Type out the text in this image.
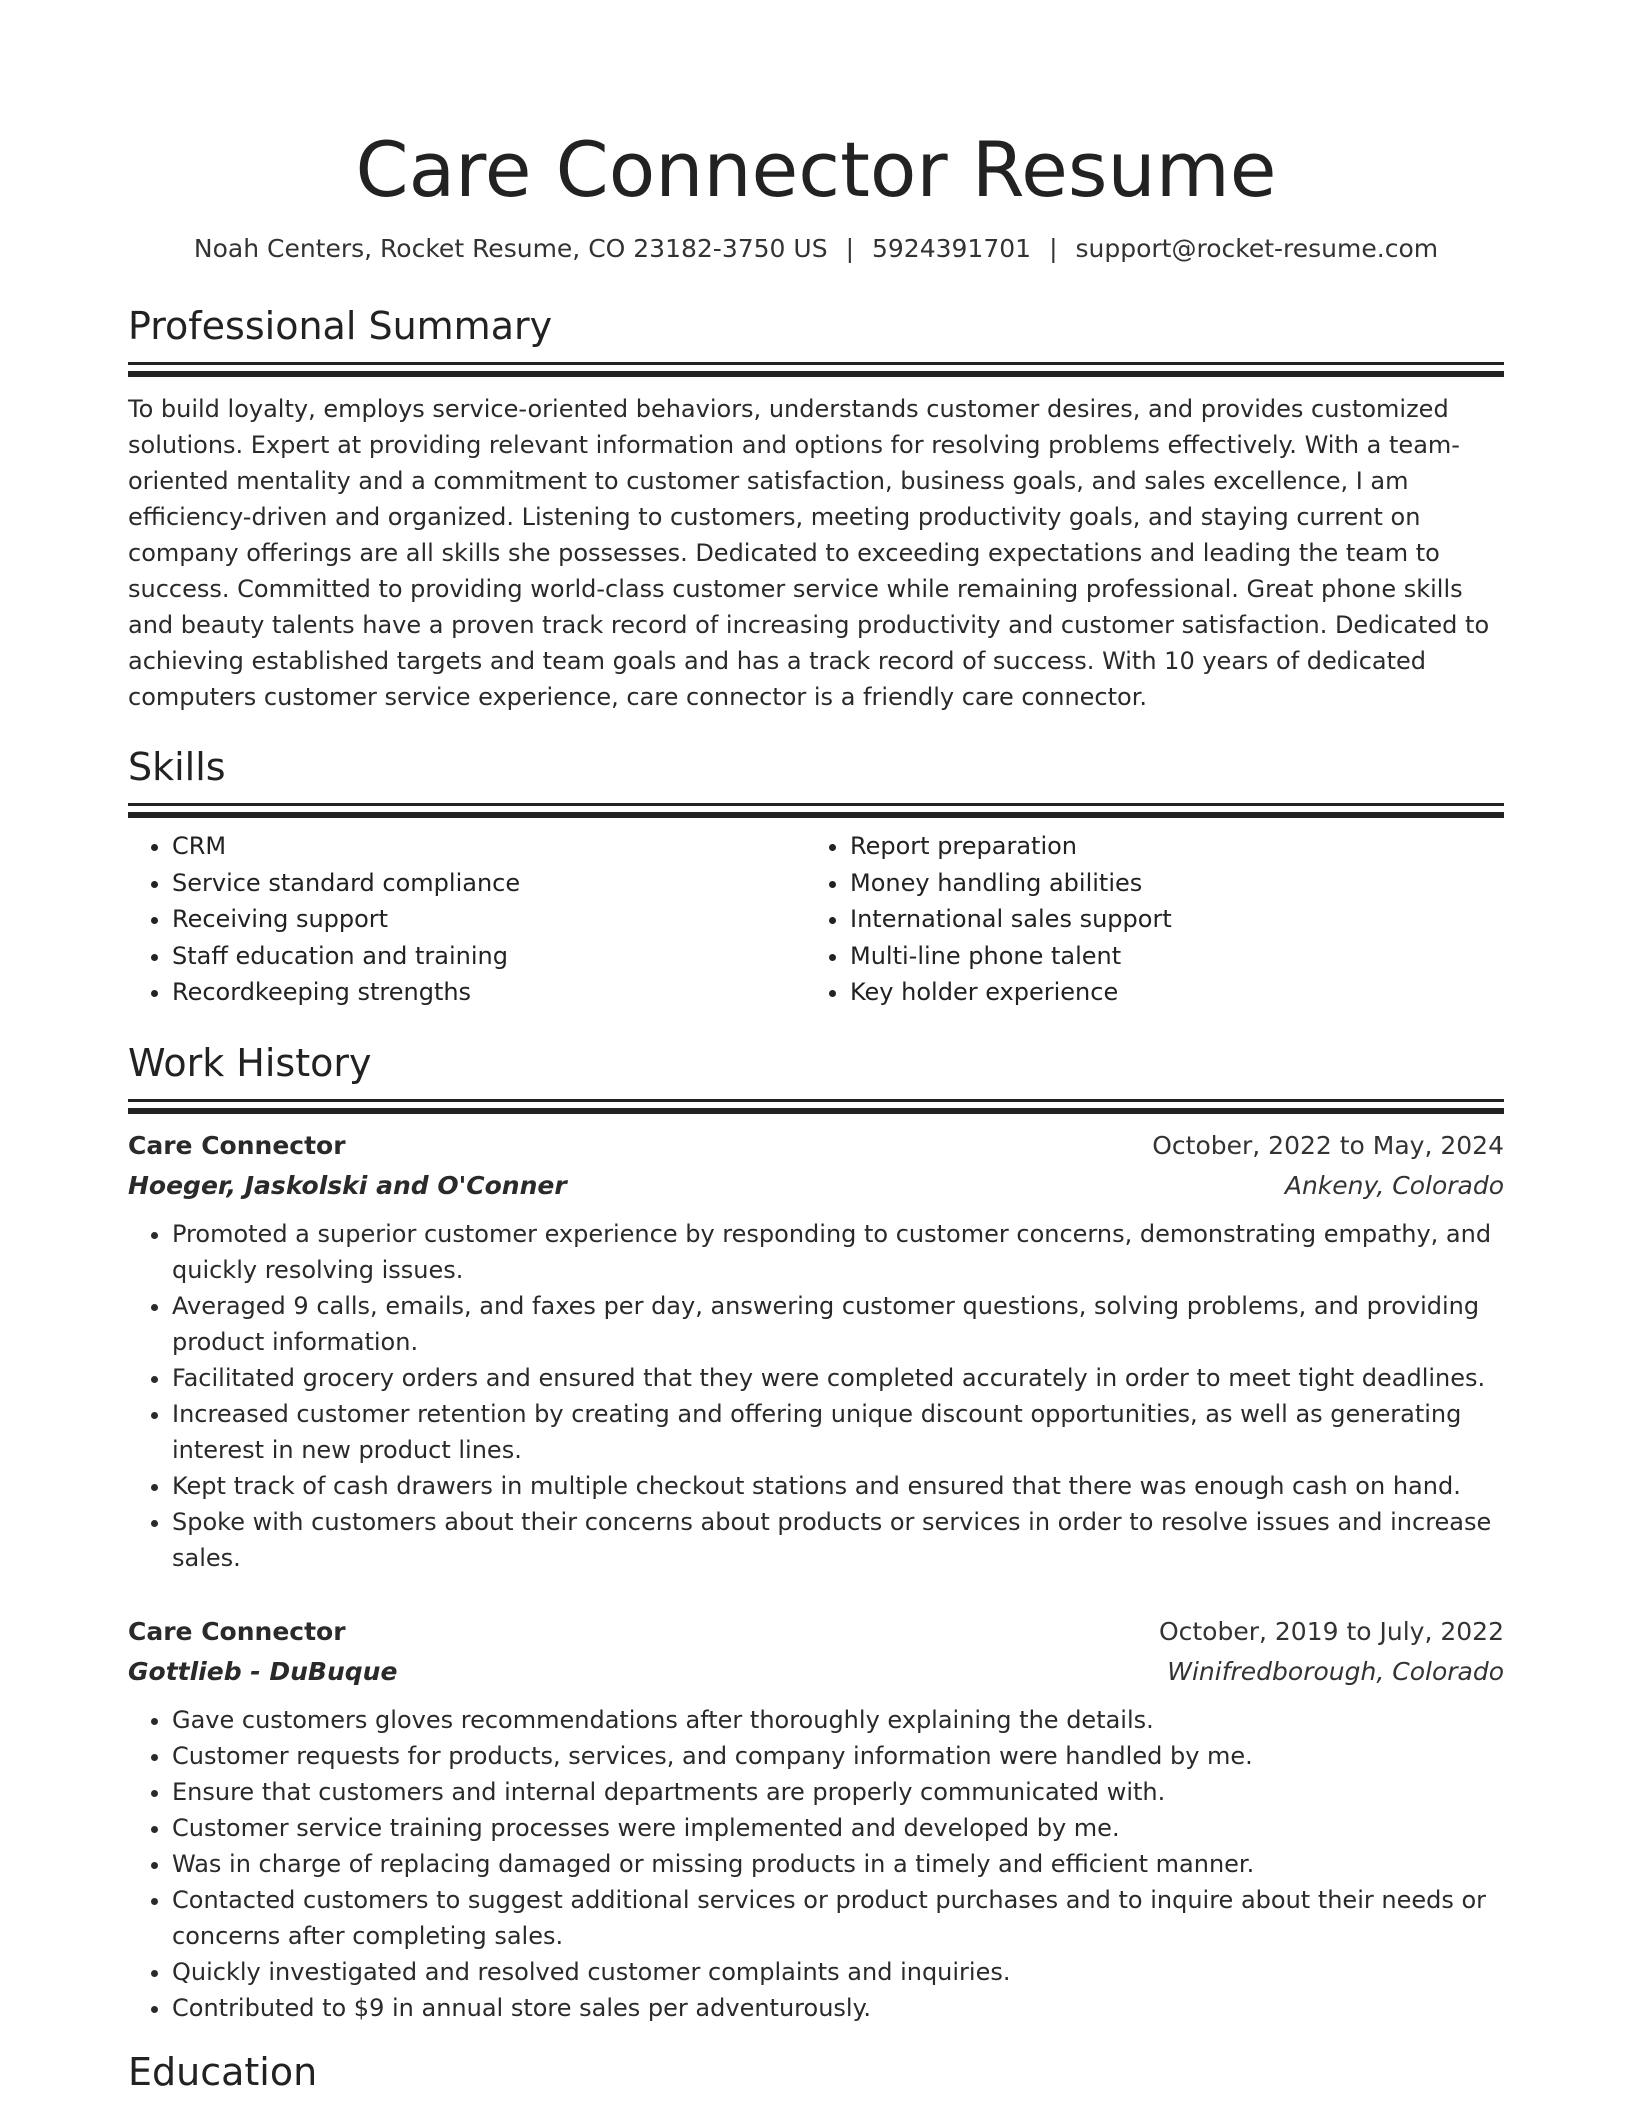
Care Connector Resume
Noah Centers, Rocket Resume, CO 23182-3750 US | 5924391701 | support@rocket-resume.com
Professional Summary

To build loyalty, employs service-oriented behaviors, understands customer desires, and provides customized solutions. Expert at providing relevant information and options for resolving problems effectively. With a team-oriented mentality and a commitment to customer satisfaction, business goals, and sales excellence, I am efficiency-driven and organized. Listening to customers, meeting productivity goals, and staying current on company offerings are all skills she possesses. Dedicated to exceeding expectations and leading the team to success. Committed to providing world-class customer service while remaining professional. Great phone skills and beauty talents have a proven track record of increasing productivity and customer satisfaction. Dedicated to achieving established targets and team goals and has a track record of success. With 10 years of dedicated computers customer service experience, care connector is a friendly care connector.

Skills
• CRM
• Service standard compliance
• Receiving support
• Staff education and training
• Recordkeeping strengths
• Report preparation
• Money handling abilities
• International sales support
• Multi-line phone talent
• Key holder experience
Work History
Care Connector	October, 2022 to May, 2024
Hoeger, Jaskolski and O'Conner	Ankeny, Colorado
• Promoted a superior customer experience by responding to customer concerns, demonstrating empathy, and quickly resolving issues.
• Averaged 9 calls, emails, and faxes per day, answering customer questions, solving problems, and providing product information.
• Facilitated grocery orders and ensured that they were completed accurately in order to meet tight deadlines.
• Increased customer retention by creating and offering unique discount opportunities, as well as generating interest in new product lines.
• Kept track of cash drawers in multiple checkout stations and ensured that there was enough cash on hand.
• Spoke with customers about their concerns about products or services in order to resolve issues and increase sales.
Care Connector	October, 2019 to July, 2022
Gottlieb - DuBuque	Winifredborough, Colorado
• Gave customers gloves recommendations after thoroughly explaining the details.
• Customer requests for products, services, and company information were handled by me.
• Ensure that customers and internal departments are properly communicated with.
• Customer service training processes were implemented and developed by me.
• Was in charge of replacing damaged or missing products in a timely and efficient manner.
• Contacted customers to suggest additional services or product purchases and to inquire about their needs or concerns after completing sales.
• Quickly investigated and resolved customer complaints and inquiries.
• Contributed to $9 in annual store sales per adventurously.
Education
